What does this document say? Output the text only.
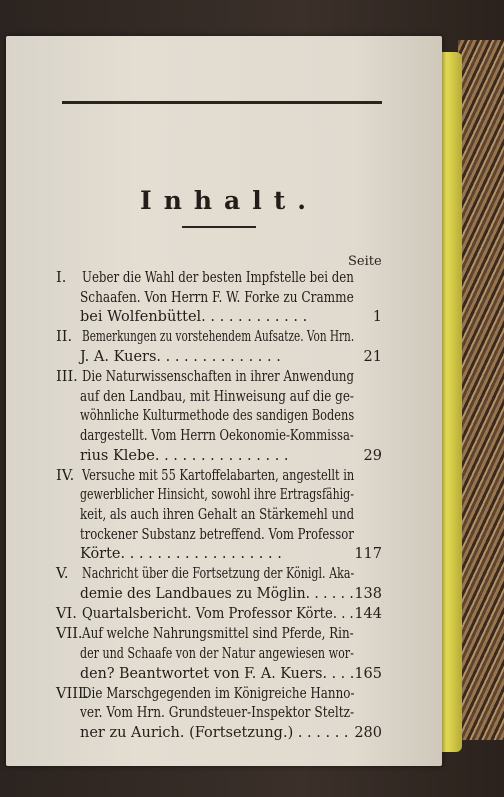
Inhalt.
Seite
I. Ueber die Wahl der besten Impfstelle bei den
Schaafen. Von Herrn F. W. Forke zu Cramme
bei Wolfenbüttel. . . . . . . . . . . .	1
II. Bemerkungen zu vorstehendem Aufsatze. Von Hrn.
J. A. Kuers. . . . . . . . . . . . . .	21
III. Die Naturwissenschaften in ihrer Anwendung
auf den Landbau, mit Hinweisung auf die ge-
wöhnliche Kulturmethode des sandigen Bodens
dargestellt. Vom Herrn Oekonomie-Kommissa-
rius Klebe. . . . . . . . . . . . . . .	29
IV. Versuche mit 55 Kartoffelabarten, angestellt in
gewerblicher Hinsicht, sowohl ihre Ertragsfähig-
keit, als auch ihren Gehalt an Stärkemehl und
trockener Substanz betreffend. Vom Professor
Körte. . . . . . . . . . . . . . . . . .	117
V. Nachricht über die Fortsetzung der Königl. Aka-
demie des Landbaues zu Möglin. . . . . . 138
VI. Quartalsbericht. Vom Professor Körte. . . 144
VII. Auf welche Nahrungsmittel sind Pferde, Rin-
der und Schaafe von der Natur angewiesen wor-
den? Beantwortet von F. A. Kuers. . . . 165
VIII.
Die Marschgegenden im Königreiche Hanno-
ver. Vom Hrn. Grundsteuer-Inspektor Steltz-
ner zu Aurich. (Fortsetzung.) . . . . . . 280
